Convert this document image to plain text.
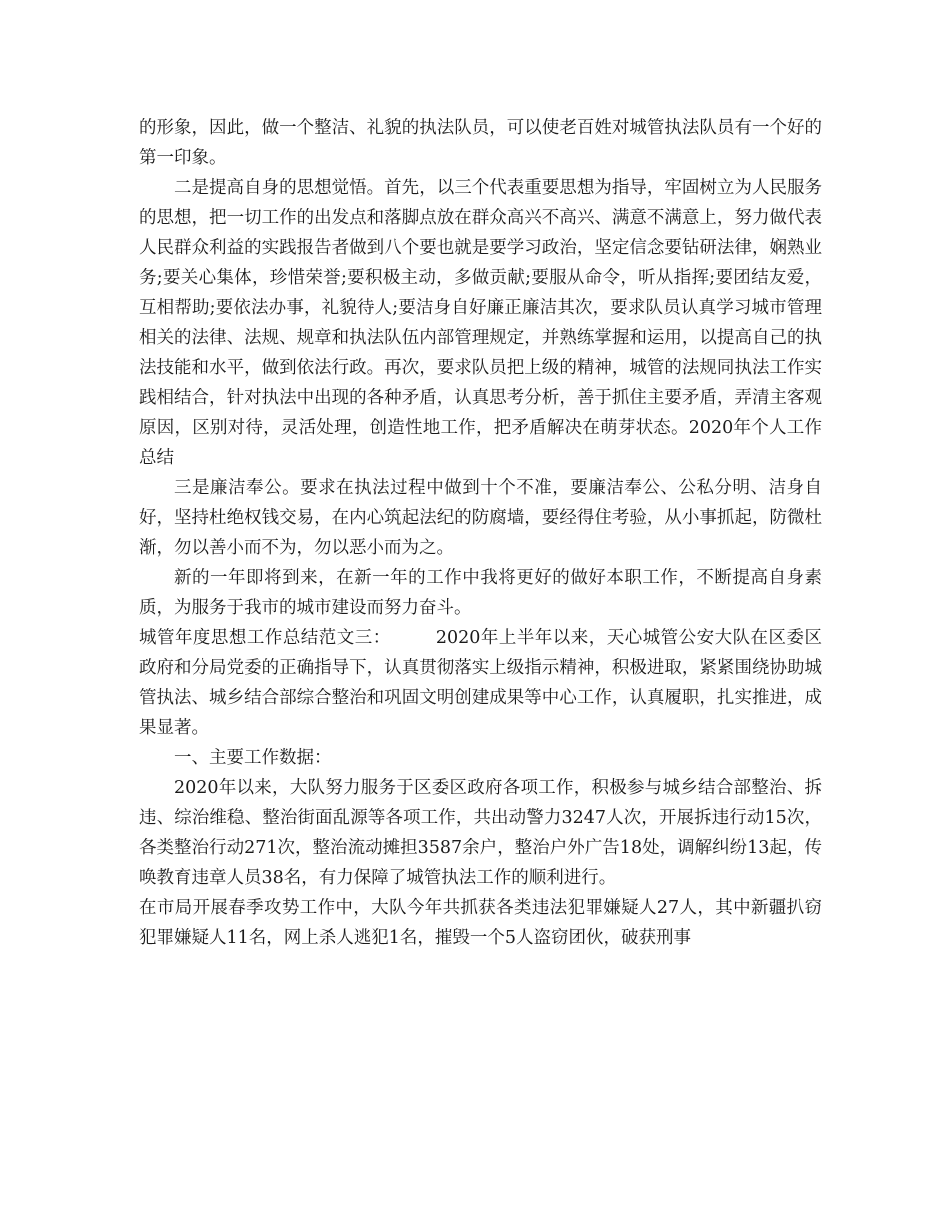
的形象，因此，做一个整洁、礼貌的执法队员，可以使老百姓对城管执法队员有一个好的第一印象。

二是提高自身的思想觉悟。首先，以三个代表重要思想为指导，牢固树立为人民服务的思想，把一切工作的出发点和落脚点放在群众高兴不高兴、满意不满意上，努力做代表人民群众利益的实践报告者做到八个要也就是要学习政治，坚定信念要钻研法律，娴熟业务;要关心集体，珍惜荣誉;要积极主动，多做贡献;要服从命令，听从指挥;要团结友爱，互相帮助;要依法办事，礼貌待人;要洁身自好廉正廉洁其次，要求队员认真学习城市管理相关的法律、法规、规章和执法队伍内部管理规定，并熟练掌握和运用，以提高自己的执法技能和水平，做到依法行政。再次，要求队员把上级的精神，城管的法规同执法工作实践相结合，针对执法中出现的各种矛盾，认真思考分析，善于抓住主要矛盾，弄清主客观原因，区别对待，灵活处理，创造性地工作，把矛盾解决在萌芽状态。2020年个人工作总结

三是廉洁奉公。要求在执法过程中做到十个不准，要廉洁奉公、公私分明、洁身自好，坚持杜绝权钱交易，在内心筑起法纪的防腐墙，要经得住考验，从小事抓起，防微杜渐，勿以善小而不为，勿以恶小而为之。

新的一年即将到来，在新一年的工作中我将更好的做好本职工作，不断提高自身素质，为服务于我市的城市建设而努力奋斗。

城管年度思想工作总结范文三：　　　2020年上半年以来，天心城管公安大队在区委区政府和分局党委的正确指导下，认真贯彻落实上级指示精神，积极进取，紧紧围绕协助城管执法、城乡结合部综合整治和巩固文明创建成果等中心工作，认真履职，扎实推进，成果显著。

一、主要工作数据：

2020年以来，大队努力服务于区委区政府各项工作，积极参与城乡结合部整治、拆违、综治维稳、整治街面乱源等各项工作，共出动警力3247人次，开展拆违行动15次，各类整治行动271次，整治流动摊担3587余户，整治户外广告18处，调解纠纷13起，传唤教育违章人员38名，有力保障了城管执法工作的顺利进行。

在市局开展春季攻势工作中，大队今年共抓获各类违法犯罪嫌疑人27人，其中新疆扒窃犯罪嫌疑人11名，网上杀人逃犯1名，摧毁一个5人盗窃团伙，破获刑事
